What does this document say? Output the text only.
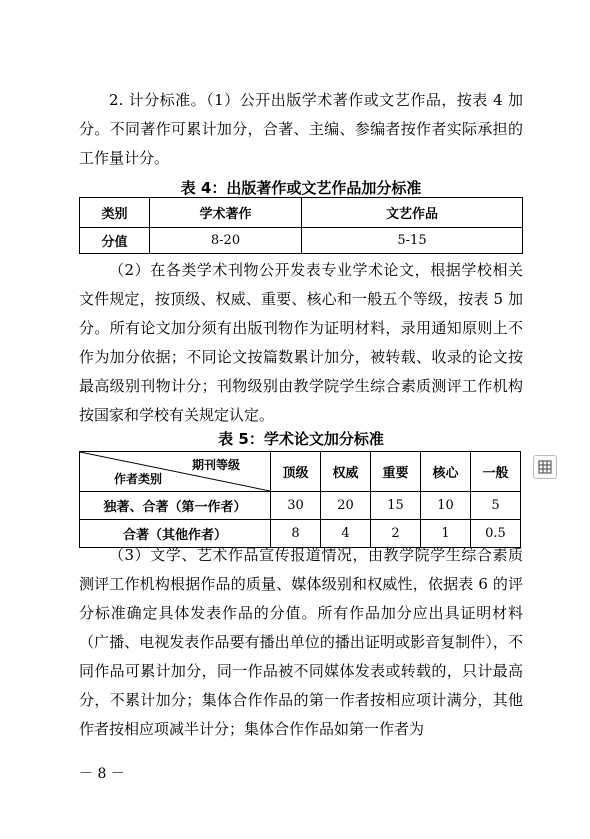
2. 计分标准。（1）公开出版学术著作或文艺作品，按表 4 加分。不同著作可累计加分，合著、主编、参编者按作者实际承担的工作量计分。

表 4：出版著作或文艺作品加分标准

类别	学术著作	文艺作品
分值	8-20	5-15

（2）在各类学术刊物公开发表专业学术论文，根据学校相关文件规定，按顶级、权威、重要、核心和一般五个等级，按表 5 加分。所有论文加分须有出版刊物作为证明材料，录用通知原则上不作为加分依据；不同论文按篇数累计加分，被转载、收录的论文按最高级别刊物计分；刊物级别由教学院学生综合素质测评工作机构按国家和学校有关规定认定。

表 5：学术论文加分标准

期刊等级
作者类别	顶级	权威	重要	核心	一般
独著、合著（第一作者）	30	20	15	10	5
合著（其他作者）	8	4	2	1	0.5

（3）文学、艺术作品宣传报道情况，由教学院学生综合素质测评工作机构根据作品的质量、媒体级别和权威性，依据表 6 的评分标准确定具体发表作品的分值。所有作品加分应出具证明材料（广播、电视发表作品要有播出单位的播出证明或影音复制件），不同作品可累计加分，同一作品被不同媒体发表或转载的，只计最高分，不累计加分；集体合作作品的第一作者按相应项计满分，其他作者按相应项减半计分；集体合作作品如第一作者为

－ 8 －
